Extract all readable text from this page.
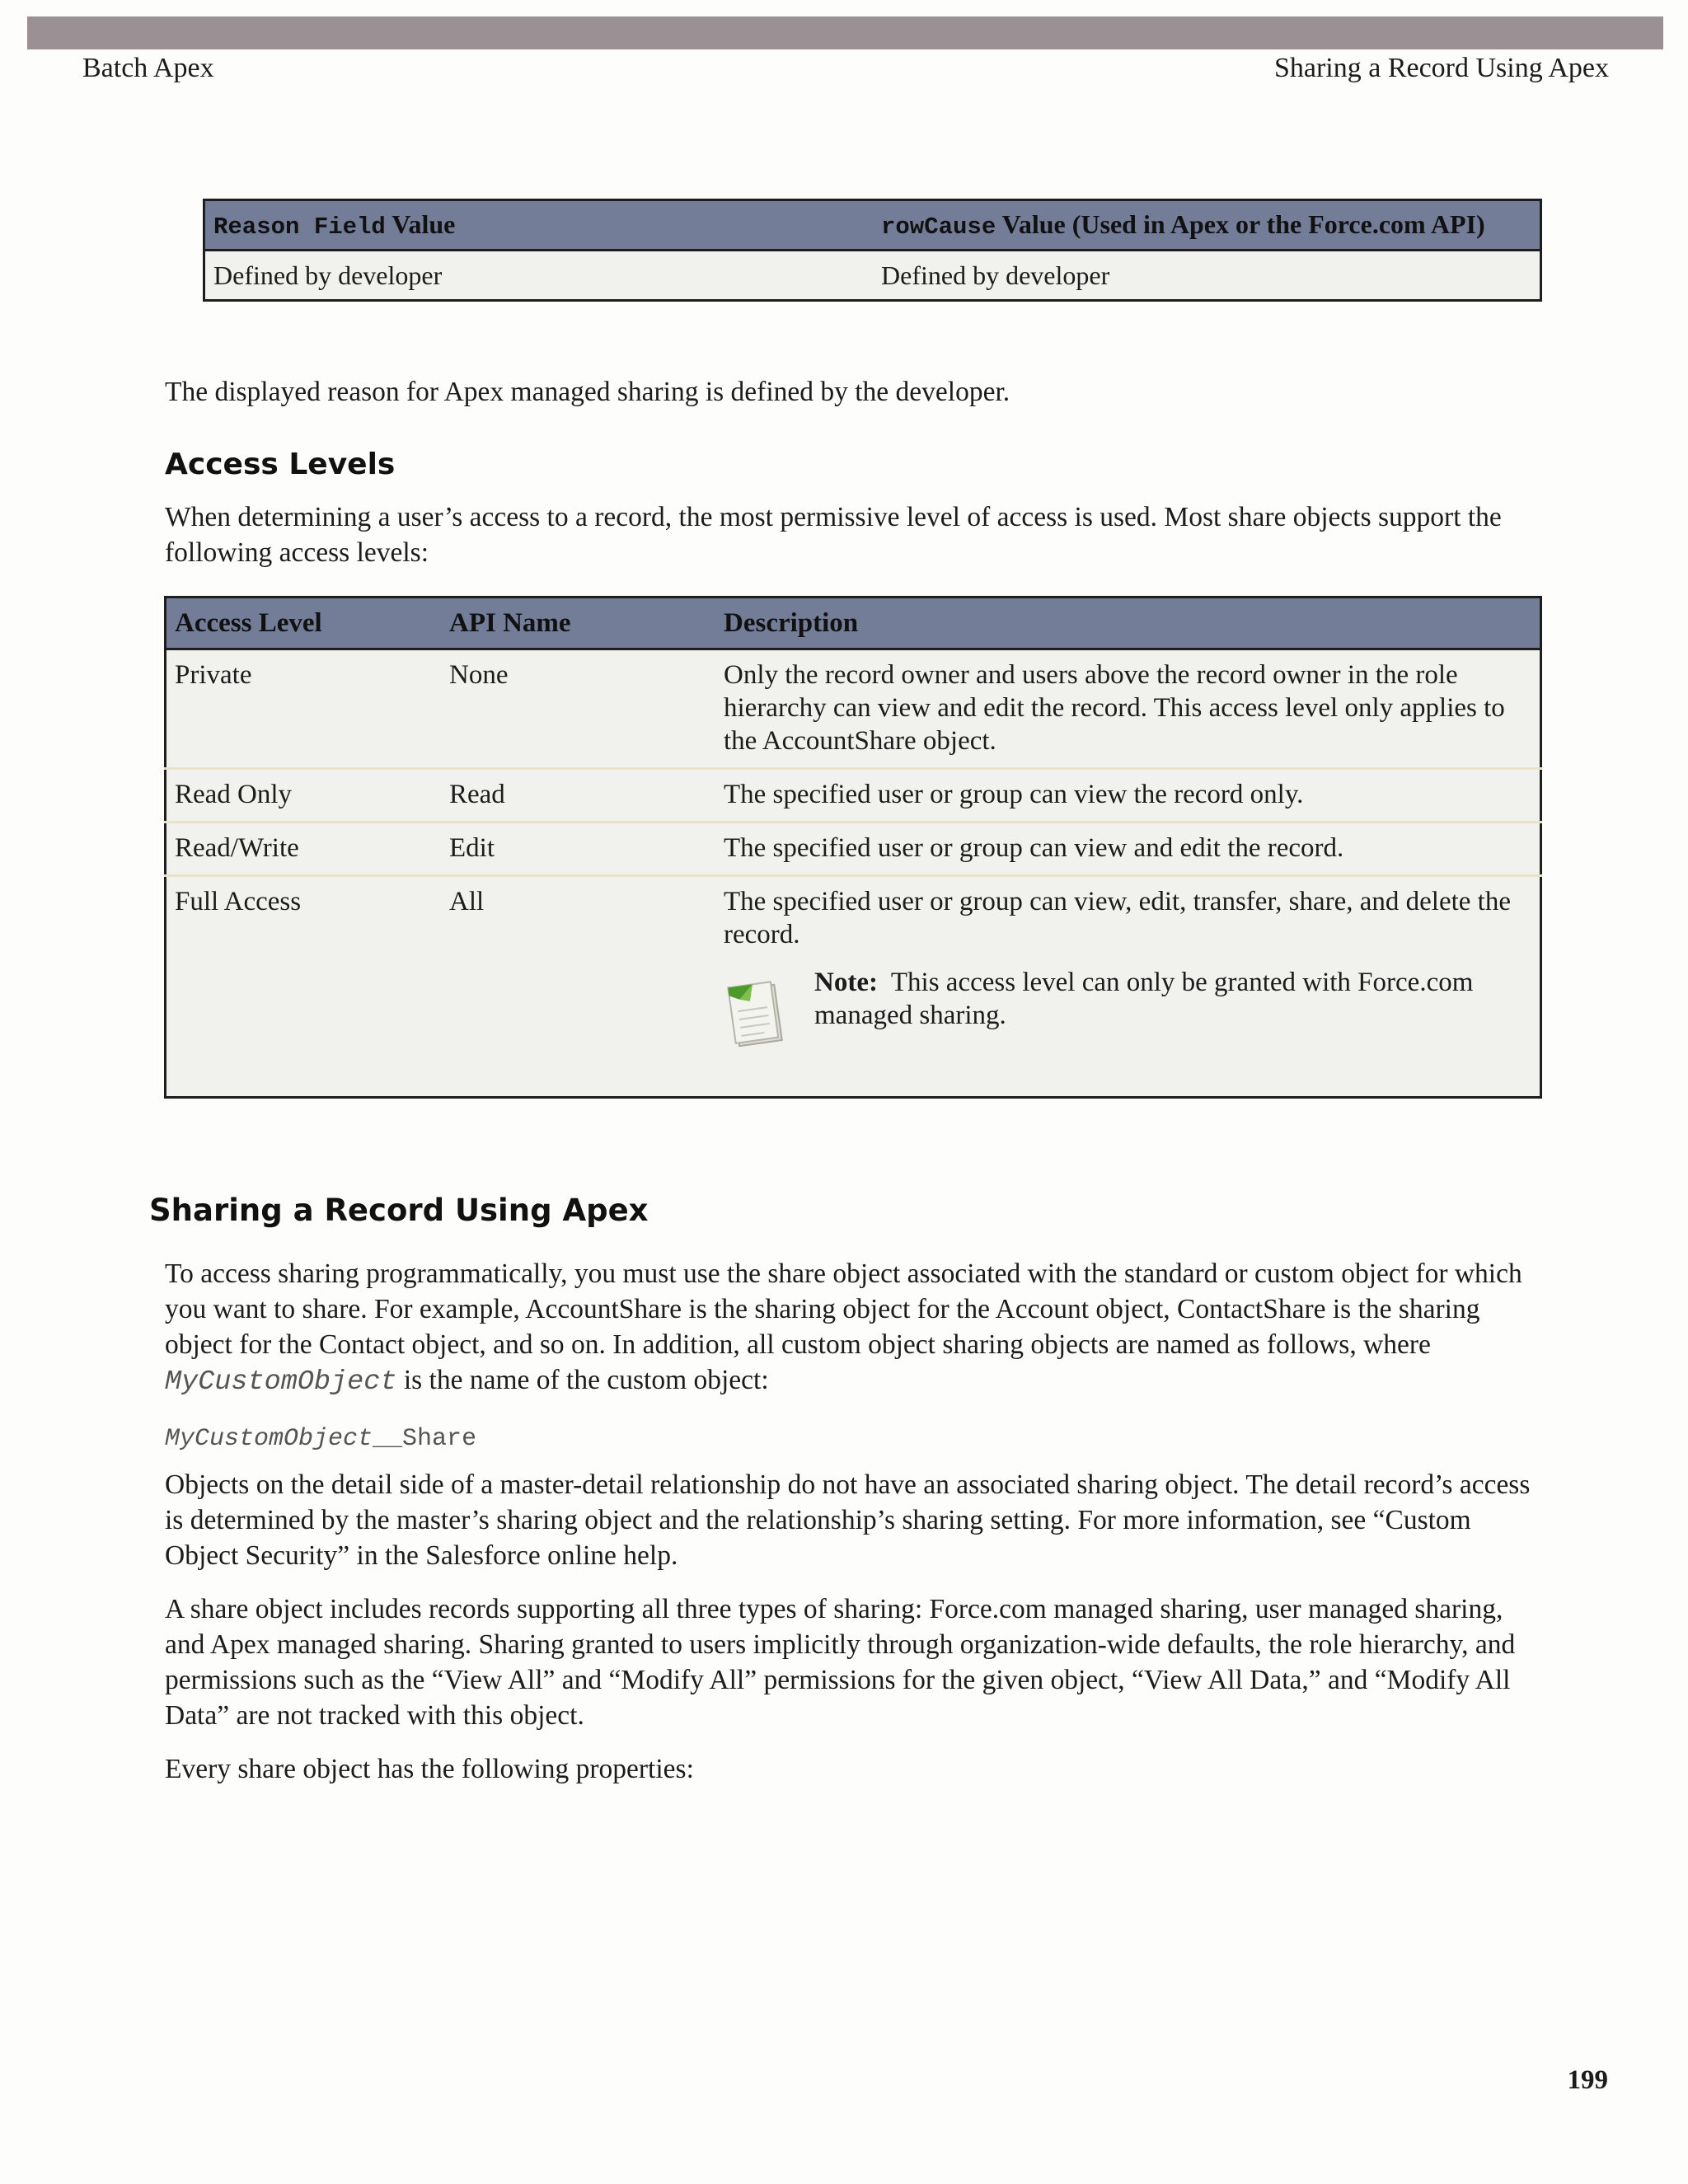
Batch Apex	Sharing a Record Using Apex
Reason Field Value	rowCause Value (Used in Apex or the Force.com API)
Defined by developer	Defined by developer

The displayed reason for Apex managed sharing is defined by the developer.

Access Levels

When determining a user’s access to a record, the most permissive level of access is used. Most share objects support the following access levels:

Access Level	API Name	Description
Private	None	Only the record owner and users above the record owner in the role hierarchy can view and edit the record. This access level only applies to the AccountShare object.
Read Only	Read	The specified user or group can view the record only.
Read/Write	Edit	The specified user or group can view and edit the record.
Full Access	All	The specified user or group can view, edit, transfer, share, and delete the record.
Note: This access level can only be granted with Force.com managed sharing.
Sharing a Record Using Apex

To access sharing programmatically, you must use the share object associated with the standard or custom object for which you want to share. For example, AccountShare is the sharing object for the Account object, ContactShare is the sharing object for the Contact object, and so on. In addition, all custom object sharing objects are named as follows, where MyCustomObject is the name of the custom object:

MyCustomObject__Share

Objects on the detail side of a master-detail relationship do not have an associated sharing object. The detail record’s access is determined by the master’s sharing object and the relationship’s sharing setting. For more information, see “Custom Object Security” in the Salesforce online help.

A share object includes records supporting all three types of sharing: Force.com managed sharing, user managed sharing, and Apex managed sharing. Sharing granted to users implicitly through organization-wide defaults, the role hierarchy, and permissions such as the “View All” and “Modify All” permissions for the given object, “View All Data,” and “Modify All Data” are not tracked with this object.

Every share object has the following properties:

199
